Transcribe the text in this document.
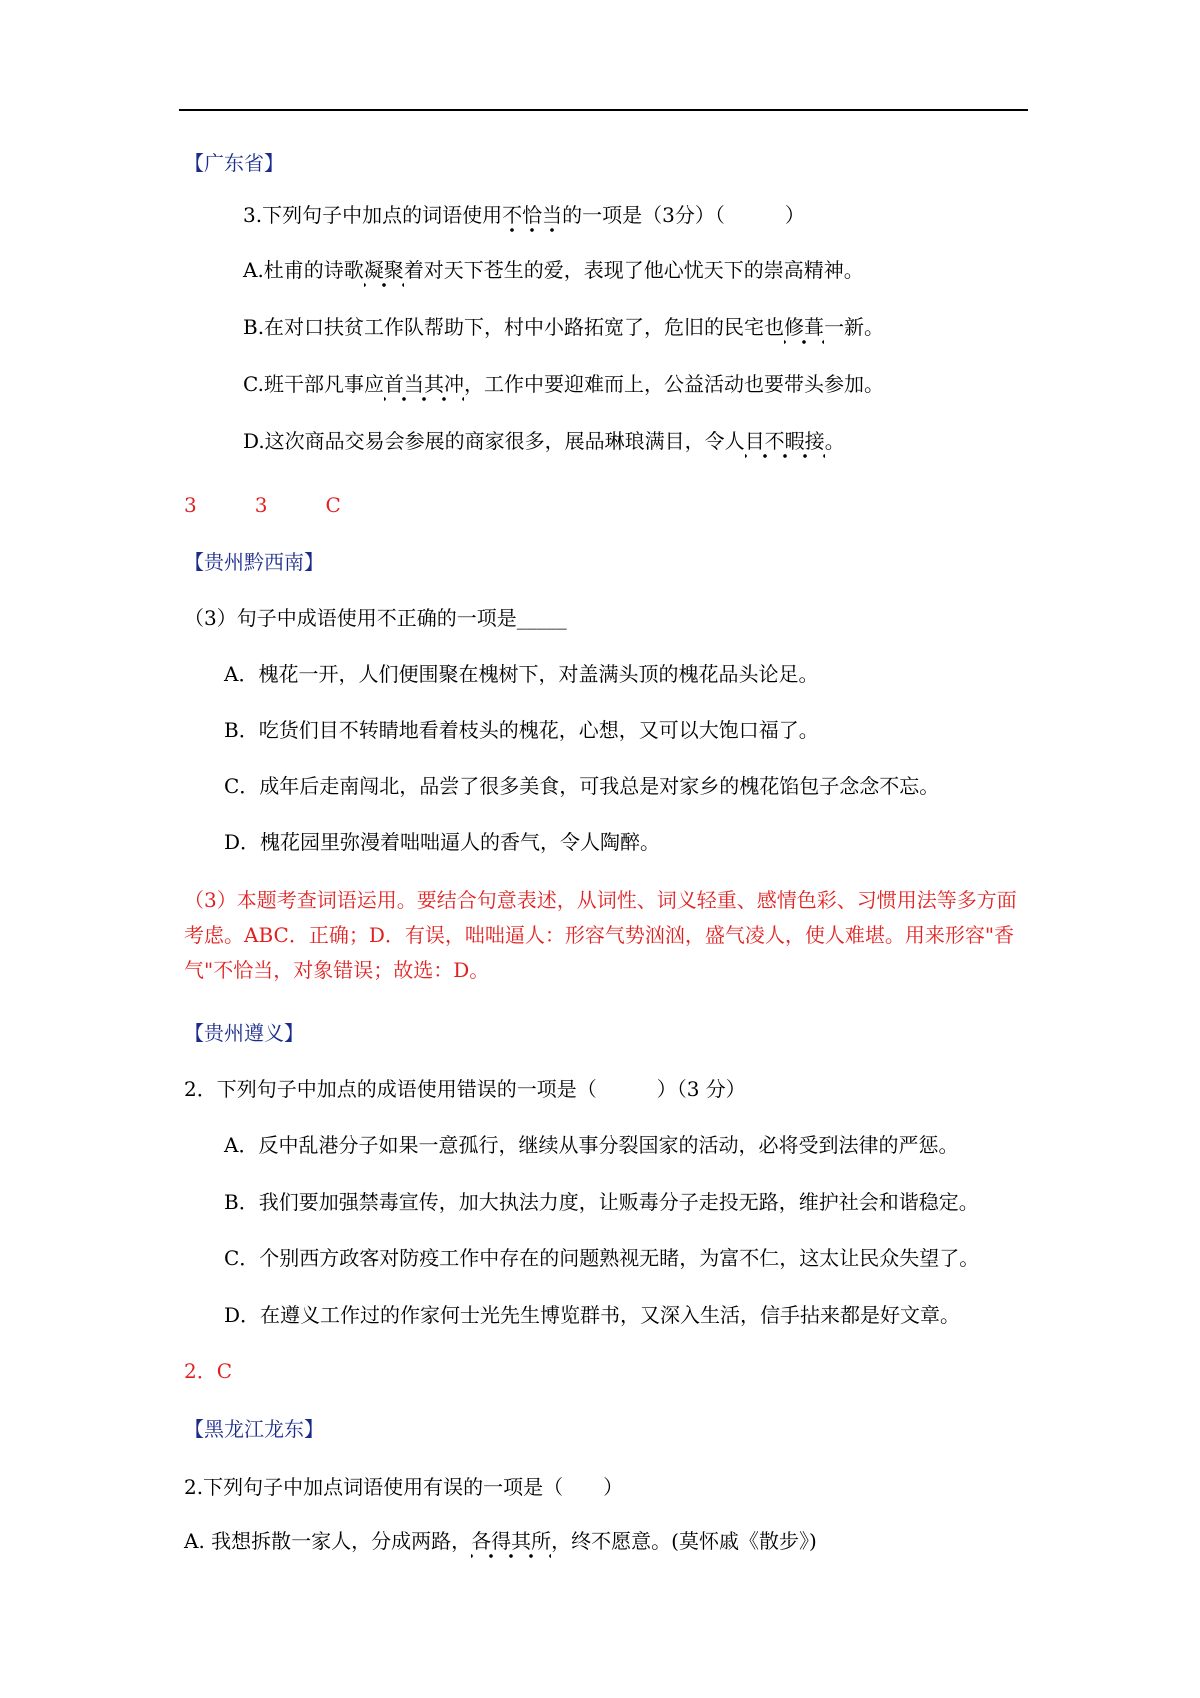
【广东省】
3.下列句子中加点的词语使用不恰当的一项是（3分）（　　　）
A.杜甫的诗歌凝聚着对天下苍生的爱，表现了他心忧天下的崇高精神。
B.在对口扶贫工作队帮助下，村中小路拓宽了，危旧的民宅也修葺一新。
C.班干部凡事应首当其冲，工作中要迎难而上，公益活动也要带头参加。
D.这次商品交易会参展的商家很多，展品琳琅满目，令人目不暇接。
3	3	C
【贵州黔西南】
（3）句子中成语使用不正确的一项是_____
A．槐花一开，人们便围聚在槐树下，对盖满头顶的槐花品头论足。
B．吃货们目不转睛地看着枝头的槐花，心想，又可以大饱口福了。
C．成年后走南闯北，品尝了很多美食，可我总是对家乡的槐花馅包子念念不忘。
D．槐花园里弥漫着咄咄逼人的香气，令人陶醉。
（3）本题考查词语运用。要结合句意表述，从词性、词义轻重、感情色彩、习惯用法等多方面考虑。ABC．正确；D．有误，咄咄逼人：形容气势汹汹，盛气凌人，使人难堪。用来形容"香气"不恰当，对象错误；故选：D。
【贵州遵义】
2．下列句子中加点的成语使用错误的一项是（　　　）（3 分）
A．反中乱港分子如果一意孤行，继续从事分裂国家的活动，必将受到法律的严惩。
B．我们要加强禁毒宣传，加大执法力度，让贩毒分子走投无路，维护社会和谐稳定。
C．个别西方政客对防疫工作中存在的问题熟视无睹，为富不仁，这太让民众失望了。
D．在遵义工作过的作家何士光先生博览群书，又深入生活，信手拈来都是好文章。
2．C
【黑龙江龙东】
2.下列句子中加点词语使用有误的一项是（　　）
A. 我想拆散一家人，分成两路，各得其所，终不愿意。(莫怀戚《散步》)
